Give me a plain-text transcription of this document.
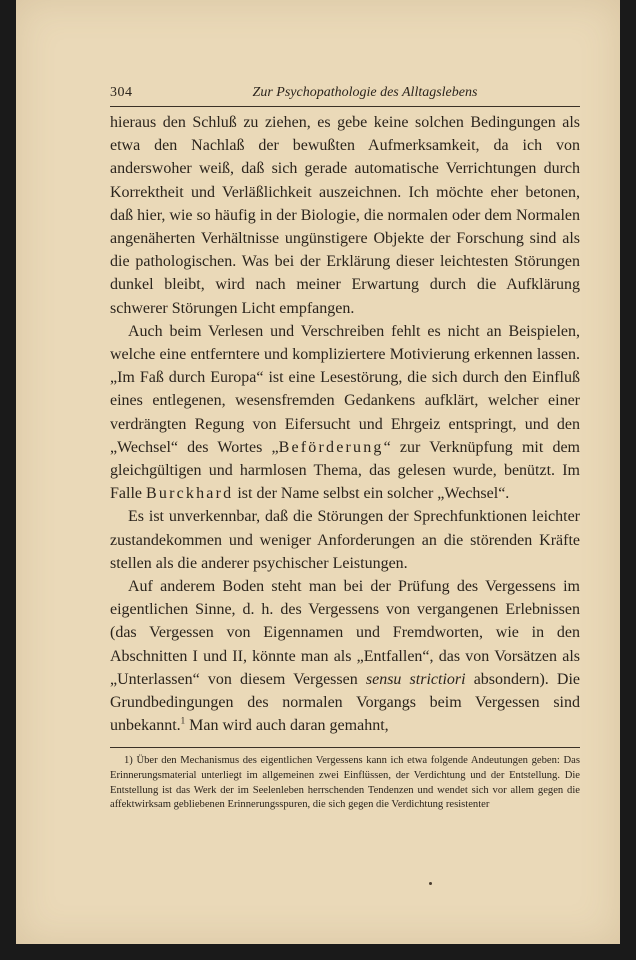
304	Zur Psychopathologie des Alltagslebens

hieraus den Schluß zu ziehen, es gebe keine solchen Bedingungen als etwa den Nachlaß der bewußten Aufmerksamkeit, da ich von anderswoher weiß, daß sich gerade automatische Verrichtungen durch Korrektheit und Verläßlichkeit auszeichnen. Ich möchte eher betonen, daß hier, wie so häufig in der Biologie, die normalen oder dem Normalen angenäherten Verhältnisse ungünstigere Objekte der Forschung sind als die pathologischen. Was bei der Erklärung dieser leichtesten Störungen dunkel bleibt, wird nach meiner Erwartung durch die Aufklärung schwerer Störungen Licht empfangen.

Auch beim Verlesen und Verschreiben fehlt es nicht an Beispielen, welche eine entferntere und kompliziertere Motivierung erkennen lassen. „Im Faß durch Europa“ ist eine Lesestörung, die sich durch den Einfluß eines entlegenen, wesensfremden Gedankens aufklärt, welcher einer verdrängten Regung von Eifersucht und Ehrgeiz entspringt, und den „Wechsel“ des Wortes „Beförderung“ zur Verknüpfung mit dem gleichgültigen und harmlosen Thema, das gelesen wurde, benützt. Im Falle Burckhard ist der Name selbst ein solcher „Wechsel“.

Es ist unverkennbar, daß die Störungen der Sprechfunktionen leichter zustandekommen und weniger Anforderungen an die störenden Kräfte stellen als die anderer psychischer Leistungen.

Auf anderem Boden steht man bei der Prüfung des Vergessens im eigentlichen Sinne, d. h. des Vergessens von vergangenen Erlebnissen (das Vergessen von Eigennamen und Fremdworten, wie in den Abschnitten I und II, könnte man als „Entfallen“, das von Vorsätzen als „Unterlassen“ von diesem Vergessen sensu strictiori absondern). Die Grundbedingungen des normalen Vorgangs beim Vergessen sind unbekannt.$^1$ Man wird auch daran gemahnt,

1) Über den Mechanismus des eigentlichen Vergessens kann ich etwa folgende Andeutungen geben: Das Erinnerungsmaterial unterliegt im allgemeinen zwei Einflüssen, der Verdichtung und der Entstellung. Die Entstellung ist das Werk der im Seelenleben herrschenden Tendenzen und wendet sich vor allem gegen die affektwirksam gebliebenen Erinnerungsspuren, die sich gegen die Verdichtung resistenter
